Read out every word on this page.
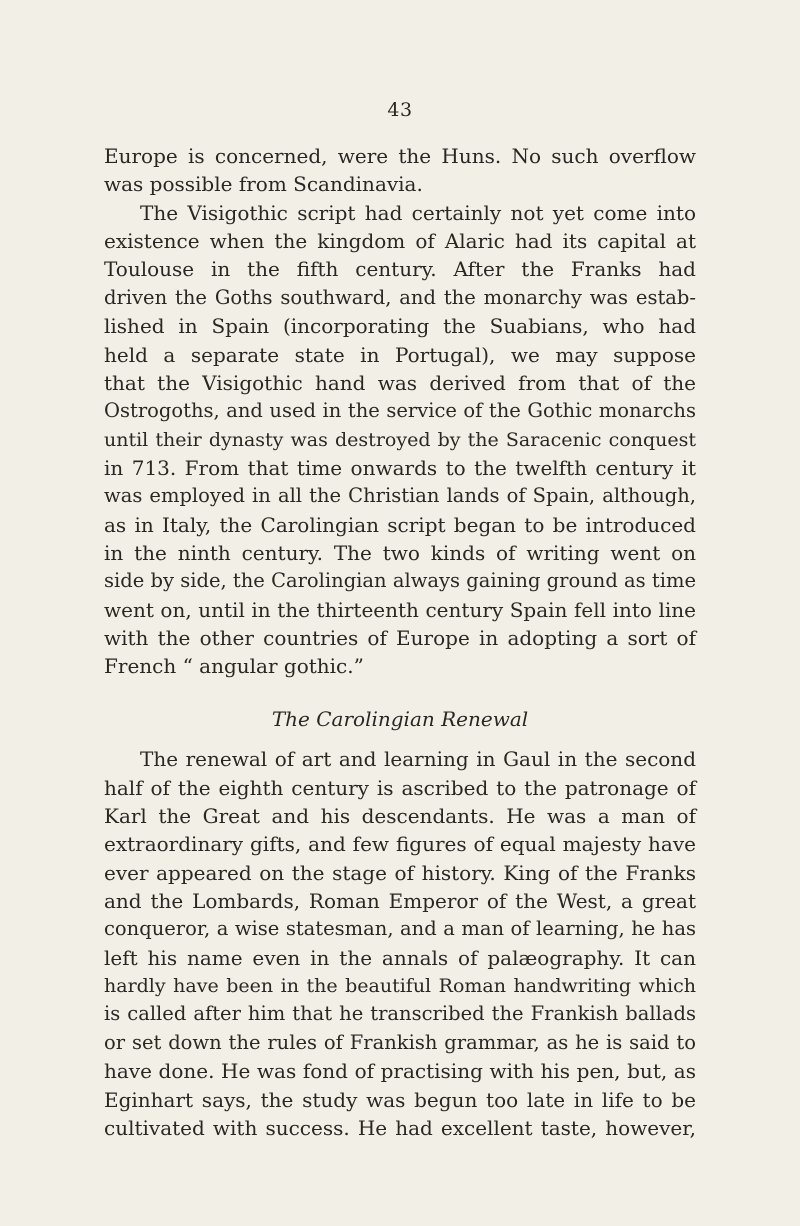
43
Europe is concerned, were the Huns. No such overflow
was possible from Scandinavia.
The Visigothic script had certainly not yet come into
existence when the kingdom of Alaric had its capital at
Toulouse in the fifth century. After the Franks had
driven the Goths southward, and the monarchy was estab-
lished in Spain (incorporating the Suabians, who had
held a separate state in Portugal), we may suppose
that the Visigothic hand was derived from that of the
Ostrogoths, and used in the service of the Gothic monarchs
until their dynasty was destroyed by the Saracenic conquest
in 713. From that time onwards to the twelfth century it
was employed in all the Christian lands of Spain, although,
as in Italy, the Carolingian script began to be introduced
in the ninth century. The two kinds of writing went on
side by side, the Carolingian always gaining ground as time
went on, until in the thirteenth century Spain fell into line
with the other countries of Europe in adopting a sort of
French “ angular gothic.”
The Carolingian Renewal
The renewal of art and learning in Gaul in the second
half of the eighth century is ascribed to the patronage of
Karl the Great and his descendants. He was a man of
extraordinary gifts, and few figures of equal majesty have
ever appeared on the stage of history. King of the Franks
and the Lombards, Roman Emperor of the West, a great
conqueror, a wise statesman, and a man of learning, he has
left his name even in the annals of palæography. It can
hardly have been in the beautiful Roman handwriting which
is called after him that he transcribed the Frankish ballads
or set down the rules of Frankish grammar, as he is said to
have done. He was fond of practising with his pen, but, as
Eginhart says, the study was begun too late in life to be
cultivated with success. He had excellent taste, however,
